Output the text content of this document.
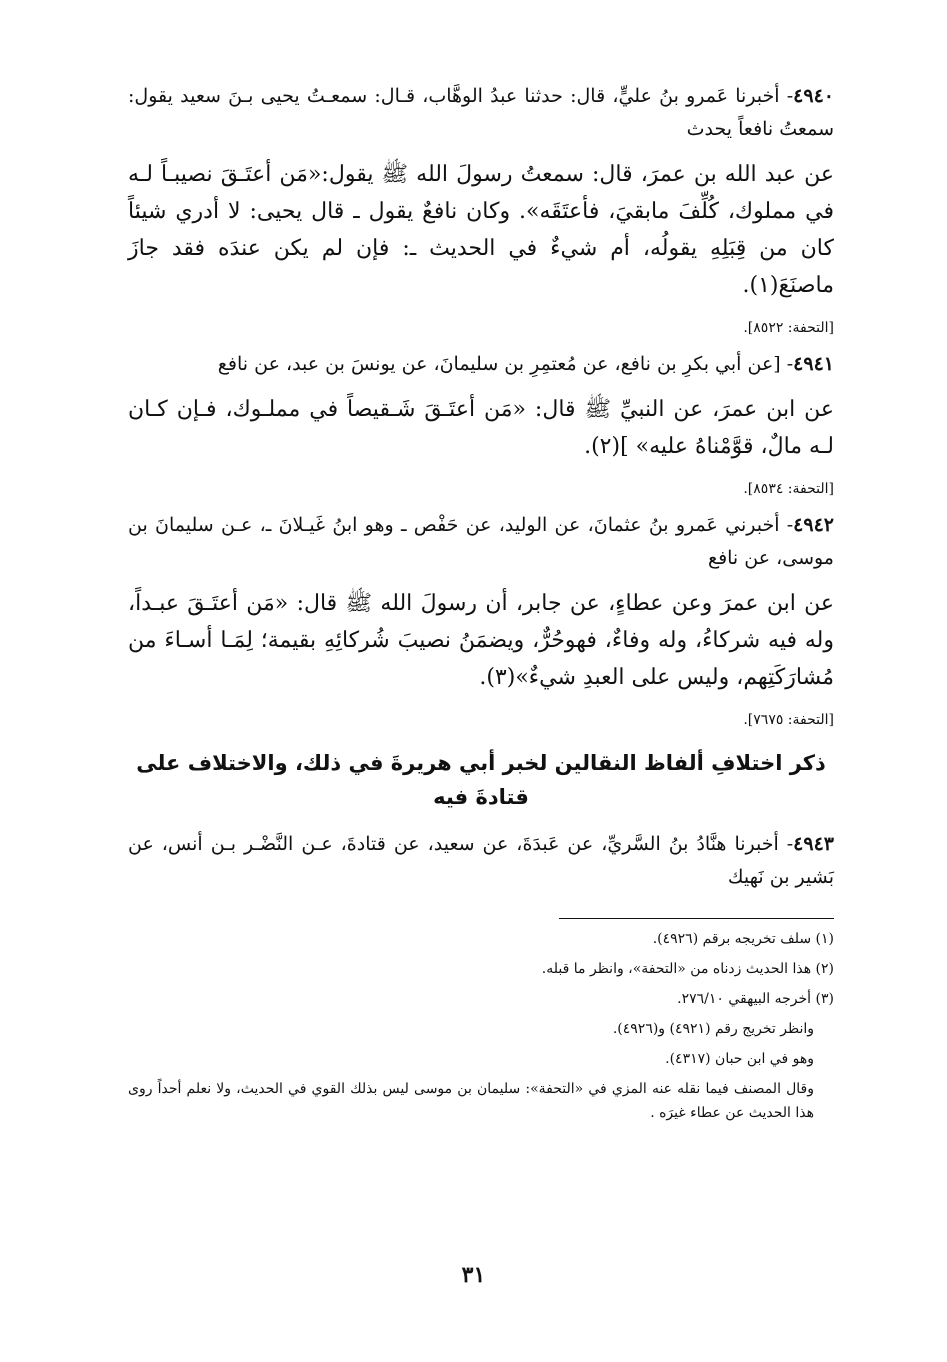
٤٩٤٠- أخبرنا عَمرو بنُ عليٍّ، قال: حدثنا عبدُ الوهَّاب، قـال: سمعـتُ يحيى بـنَ سعيد يقول: سمعتُ نافعاً يحدث

عن عبد الله بن عمرَ، قال: سمعتُ رسولَ الله ﷺ يقول:«مَن أعتَـقَ نصيبـاً لـه في مملوك، كُلِّفَ مابقيَ، فأعتَقَه». وكان نافعٌ يقول ـ قال يحيى: لا أدري شيئاً كان من قِبَلِهِ يقولُه، أم شيءٌ في الحديث ـ: فإن لم يكن عندَه فقد جازَ ماصنَعَ(١).

[التحفة: ٨٥٢٢].

٤٩٤١- [عن أبي بكرِ بن نافع، عن مُعتمِرِ بن سليمانَ، عن يونسَ بن عبد، عن نافع

عن ابن عمرَ، عن النبيِّ ﷺ قال: «مَن أعتَـقَ شَـقيصاً في مملـوك، فـإن كـان لـه مالٌ، قوَّمْناهُ عليه» ](٢).

[التحفة: ٨٥٣٤].

٤٩٤٢- أخبرني عَمرو بنُ عثمانَ، عن الوليد، عن حَفْص ـ وهو ابنُ غَيـلانَ ـ، عـن سليمانَ بن موسى، عن نافع

عن ابن عمرَ وعن عطاءٍ، عن جابر، أن رسولَ الله ﷺ قال: «مَن أعتَـقَ عبـداً، وله فيه شركاءُ، وله وفاءٌ، فهوحُرٌّ، ويضمَنُ نصيبَ شُركائِهِ بقيمة؛ لِمَـا أسـاءَ من مُشارَكَتِهم، وليس على العبدِ شيءٌ»(٣).

[التحفة: ٧٦٧٥].

ذكر اختلافِ ألفاظ النقالين لخبر أبي هريرةَ في ذلك، والاختلاف على قتادةَ فيه

٤٩٤٣- أخبرنا هنَّادُ بنُ السَّريِّ، عن عَبدَةَ، عن سعيد، عن قتادةَ، عـن النَّضْـر بـن أنس، عن بَشير بن نَهيك

(١) سلف تخريجه برقم (٤٩٢٦).

(٢) هذا الحديث زدناه من «التحفة»، وانظر ما قبله.

(٣) أخرجه البيهقي ٢٧٦/١٠.

وانظر تخريج رقم (٤٩٢١) و(٤٩٢٦).

وهو في ابن حبان (٤٣١٧).

وقال المصنف فيما نقله عنه المزي في «التحفة»: سليمان بن موسى ليس بذلك القوي في الحديث، ولا نعلم أحداً روى هذا الحديث عن عطاء غيرَه .

٣١
